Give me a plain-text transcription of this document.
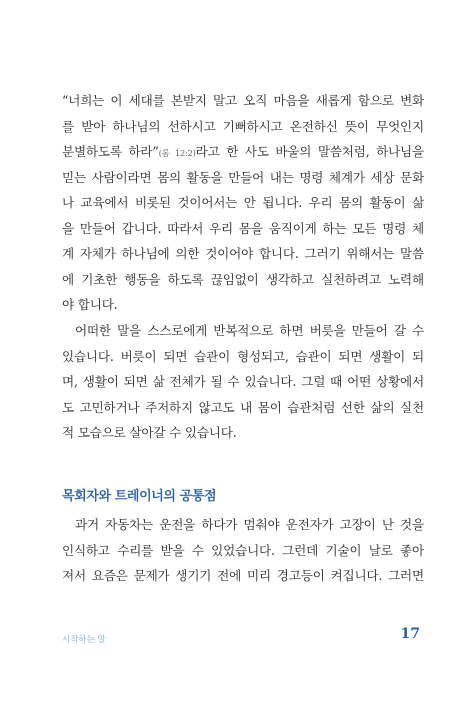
“너희는 이 세대를 본받지 말고 오직 마음을 새롭게 함으로 변화
를 받아 하나님의 선하시고 기뻐하시고 온전하신 뜻이 무엇인지
분별하도록 하라”(롬 12:2)라고 한 사도 바울의 말씀처럼, 하나님을
믿는 사람이라면 몸의 활동을 만들어 내는 명령 체계가 세상 문화
나 교육에서 비롯된 것이어서는 안 됩니다. 우리 몸의 활동이 삶
을 만들어 갑니다. 따라서 우리 몸을 움직이게 하는 모든 명령 체
계 자체가 하나님에 의한 것이어야 합니다. 그러기 위해서는 말씀
에 기초한 행동을 하도록 끊임없이 생각하고 실천하려고 노력해
야 합니다.
어떠한 말을 스스로에게 반복적으로 하면 버릇을 만들어 갈 수
있습니다. 버릇이 되면 습관이 형성되고, 습관이 되면 생활이 되
며, 생활이 되면 삶 전체가 될 수 있습니다. 그럴 때 어떤 상황에서
도 고민하거나 주저하지 않고도 내 몸이 습관처럼 선한 삶의 실천
적 모습으로 살아갈 수 있습니다.
목회자와 트레이너의 공통점
과거 자동차는 운전을 하다가 멈춰야 운전자가 고장이 난 것을
인식하고 수리를 받을 수 있었습니다. 그런데 기술이 날로 좋아
져서 요즘은 문제가 생기기 전에 미리 경고등이 켜집니다. 그러면
시작하는 말	17
